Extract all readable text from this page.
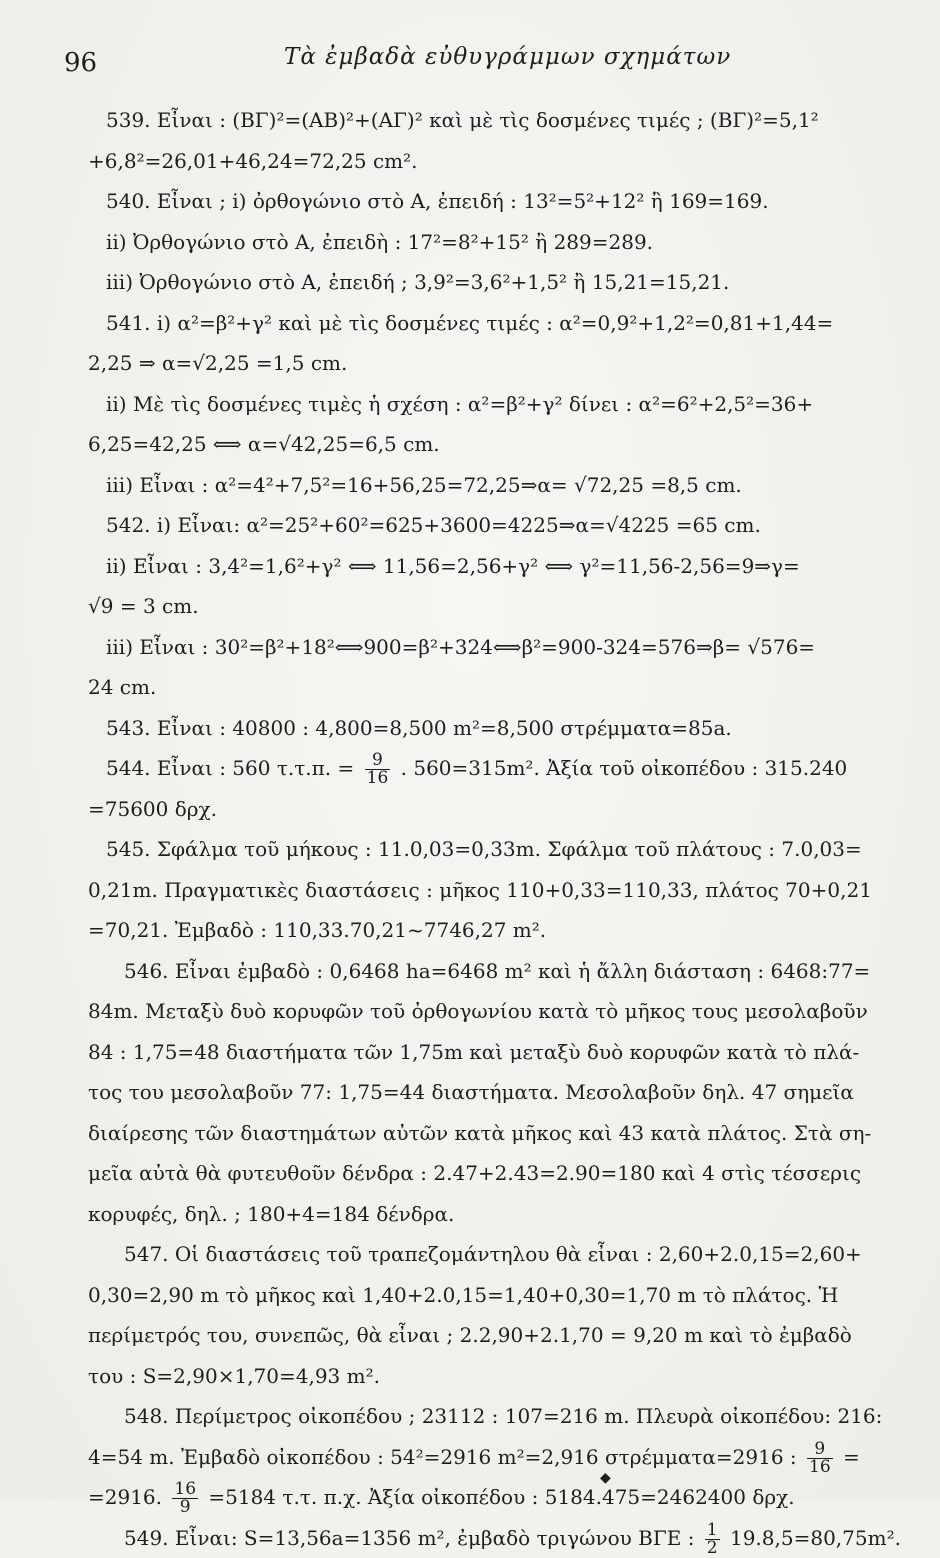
96	Τὰ ἐμβαδὰ εὐθυγράμμων σχημάτων
539. Εἶναι : (ΒΓ)²=(ΑΒ)²+(ΑΓ)² καὶ μὲ τὶς δοσμένες τιμές ; (ΒΓ)²=5,1²
+6,8²=26,01+46,24=72,25 cm².
540. Εἶναι ; i) ὀρθογώνιο στὸ Α, ἐπειδή : 13²=5²+12² ἢ 169=169.
ii) Ὀρθογώνιο στὸ Α, ἐπειδὴ : 17²=8²+15² ἢ 289=289.
iii) Ὀρθογώνιο στὸ Α, ἐπειδή ; 3,9²=3,6²+1,5² ἢ 15,21=15,21.
541. i) α²=β²+γ² καὶ μὲ τὶς δοσμένες τιμές : α²=0,9²+1,2²=0,81+1,44=
2,25 ⇒ α=√2,25 =1,5 cm.
ii) Μὲ τὶς δοσμένες τιμὲς ἡ σχέση : α²=β²+γ² δίνει : α²=6²+2,5²=36+
6,25=42,25 ⟺ α=√42,25=6,5 cm.
iii) Εἶναι : α²=4²+7,5²=16+56,25=72,25⇒α= √72,25 =8,5 cm.
542. i) Εἶναι: α²=25²+60²=625+3600=4225⇒α=√4225 =65 cm.
ii) Εἶναι : 3,4²=1,6²+γ² ⟺ 11,56=2,56+γ² ⟺ γ²=11,56-2,56=9⇒γ=
√9 = 3 cm.
iii) Εἶναι : 30²=β²+18²⟺900=β²+324⟺β²=900-324=576⇒β= √576=
24 cm.
543. Εἶναι : 40800 : 4,800=8,500 m²=8,500 στρέμματα=85a.
544. Εἶναι : 560 τ.τ.π. = $\frac{9}{16}$ . 560=315m². Ἀξία τοῦ οἰκοπέδου : 315.240
=75600 δρχ.
545. Σφάλμα τοῦ μήκους : 11.0,03=0,33m. Σφάλμα τοῦ πλάτους : 7.0,03=
0,21m. Πραγματικὲς διαστάσεις : μῆκος 110+0,33=110,33, πλάτος 70+0,21
=70,21. Ἐμβαδὸ : 110,33.70,21~7746,27 m².
546. Εἶναι ἐμβαδὸ : 0,6468 ha=6468 m² καὶ ἡ ἄλλη διάσταση : 6468:77=
84m. Μεταξὺ δυὸ κορυφῶν τοῦ ὀρθογωνίου κατὰ τὸ μῆκος τους μεσολαβοῦν
84 : 1,75=48 διαστήματα τῶν 1,75m καὶ μεταξὺ δυὸ κορυφῶν κατὰ τὸ πλά-
τος του μεσολαβοῦν 77: 1,75=44 διαστήματα. Μεσολαβοῦν δηλ. 47 σημεῖα
διαίρεσης τῶν διαστημάτων αὐτῶν κατὰ μῆκος καὶ 43 κατὰ πλάτος. Στὰ ση-
μεῖα αὐτὰ θὰ φυτευθοῦν δένδρα : 2.47+2.43=2.90=180 καὶ 4 στὶς τέσσερις
κορυφές, δηλ. ; 180+4=184 δένδρα.
547. Οἱ διαστάσεις τοῦ τραπεζομάντηλου θὰ εἶναι : 2,60+2.0,15=2,60+
0,30=2,90 m τὸ μῆκος καὶ 1,40+2.0,15=1,40+0,30=1,70 m τὸ πλάτος. Ἡ
περίμετρός του, συνεπῶς, θὰ εἶναι ; 2.2,90+2.1,70 = 9,20 m καὶ τὸ ἐμβαδὸ
του : S=2,90×1,70=4,93 m².
548. Περίμετρος οἰκοπέδου ; 23112 : 107=216 m. Πλευρὰ οἰκοπέδου: 216:
4=54 m. Ἐμβαδὸ οἰκοπέδου : 54²=2916 m²=2,916 στρέμματα=2916 : $\frac{9}{16}$ =
=2916. $\frac{16}{9} =5184$ τ.τ. π.χ. Ἀξία οἰκοπέδου : 5184.475=2462400 δρχ.
549. Εἶναι: S=13,56a=1356 m², ἐμβαδὸ τριγώνου ΒΓΕ : $\frac{1}{2} 19.8,5=80,75m^2$.
◆
